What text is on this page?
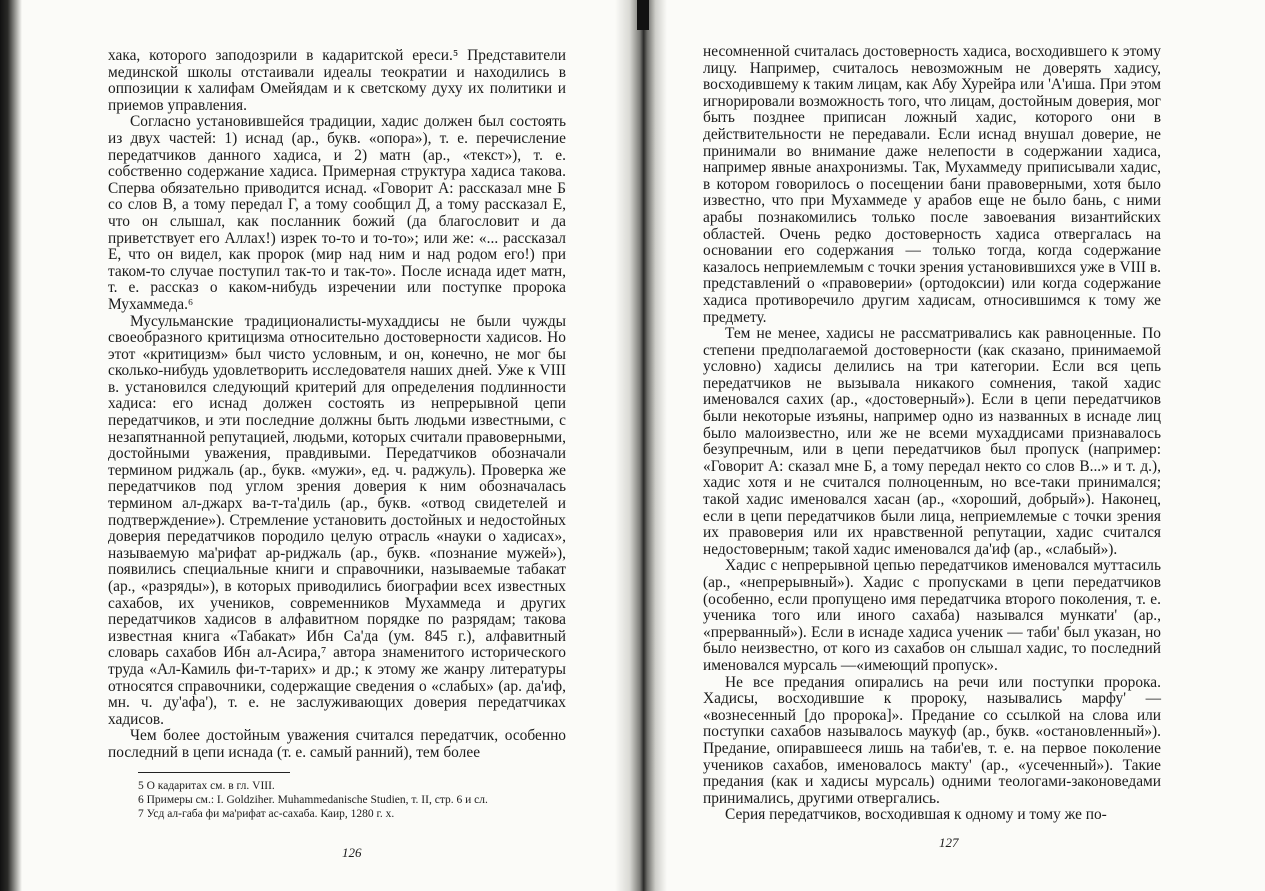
хака, которого заподозрили в кадаритской ереси.⁵ Представители мединской школы отстаивали идеалы теократии и находились в оппозиции к халифам Омейядам и к светскому духу их политики и приемов управления.

Согласно установившейся традиции, хадис должен был состоять из двух частей: 1) иснад (ар., букв. «опора»), т. е. перечисление передатчиков данного хадиса, и 2) матн (ар., «текст»), т. е. собственно содержание хадиса. Примерная структура хадиса такова. Сперва обязательно приводится иснад. «Говорит А: рассказал мне Б со слов В, а тому передал Г, а тому сообщил Д, а тому рассказал Е, что он слышал, как посланник божий (да благословит и да приветствует его Аллах!) изрек то-то и то-то»; или же: «... рассказал Е, что он видел, как пророк (мир над ним и над родом его!) при таком-то случае поступил так-то и так-то». После иснада идет матн, т. е. рассказ о каком-нибудь изречении или поступке пророка Мухаммеда.⁶

Мусульманские традиционалисты-мухаддисы не были чужды своеобразного критицизма относительно достоверности хадисов. Но этот «критицизм» был чисто условным, и он, конечно, не мог бы сколько-нибудь удовлетворить исследователя наших дней. Уже к VIII в. установился следующий критерий для определения подлинности хадиса: его иснад должен состоять из непрерывной цепи передатчиков, и эти последние должны быть людьми известными, с незапятнанной репутацией, людьми, которых считали правоверными, достойными уважения, правдивыми. Передатчиков обозначали термином риджаль (ар., букв. «мужи», ед. ч. раджуль). Проверка же передатчиков под углом зрения доверия к ним обозначалась термином ал-джарх ва-т-та'диль (ар., букв. «отвод свидетелей и подтверждение»). Стремление установить достойных и недостойных доверия передатчиков породило целую отрасль «науки о хадисах», называемую ма'рифат ар-риджаль (ар., букв. «познание мужей»), появились специальные книги и справочники, называемые табакат (ар., «разряды»), в которых приводились биографии всех известных сахабов, их учеников, современников Мухаммеда и других передатчиков хадисов в алфавитном порядке по разрядам; такова известная книга «Табакат» Ибн Са'да (ум. 845 г.), алфавитный словарь сахабов Ибн ал-Асира,⁷ автора знаменитого исторического труда «Ал-Камиль фи-т-тарих» и др.; к этому же жанру литературы относятся справочники, содержащие сведения о «слабых» (ар. да'иф, мн. ч. ду'афа'), т. е. не заслуживающих доверия передатчиках хадисов.

Чем более достойным уважения считался передатчик, особенно последний в цепи иснада (т. е. самый ранний), тем более

5 О кадаритах см. в гл. VIII.

6 Примеры см.: I. Goldziher. Muhammedanische Studien, т. II, стр. 6 и сл.

7 Усд ал-габа фи ма'рифат ас-сахаба. Каир, 1280 г. х.

126

несомненной считалась достоверность хадиса, восходившего к этому лицу. Например, считалось невозможным не доверять хадису, восходившему к таким лицам, как Абу Хурейра или 'А'иша. При этом игнорировали возможность того, что лицам, достойным доверия, мог быть позднее приписан ложный хадис, которого они в действительности не передавали. Если иснад внушал доверие, не принимали во внимание даже нелепости в содержании хадиса, например явные анахронизмы. Так, Мухаммеду приписывали хадис, в котором говорилось о посещении бани правоверными, хотя было известно, что при Мухаммеде у арабов еще не было бань, с ними арабы познакомились только после завоевания византийских областей. Очень редко достоверность хадиса отвергалась на основании его содержания — только тогда, когда содержание казалось неприемлемым с точки зрения установившихся уже в VIII в. представлений о «правоверии» (ортодоксии) или когда содержание хадиса противоречило другим хадисам, относившимся к тому же предмету.

Тем не менее, хадисы не рассматривались как равноценные. По степени предполагаемой достоверности (как сказано, принимаемой условно) хадисы делились на три категории. Если вся цепь передатчиков не вызывала никакого сомнения, такой хадис именовался сахих (ар., «достоверный»). Если в цепи передатчиков были некоторые изъяны, например одно из названных в иснаде лиц было малоизвестно, или же не всеми мухаддисами признавалось безупречным, или в цепи передатчиков был пропуск (например: «Говорит А: сказал мне Б, а тому передал некто со слов В...» и т. д.), хадис хотя и не считался полноценным, но все-таки принимался; такой хадис именовался хасан (ар., «хороший, добрый»). Наконец, если в цепи передатчиков были лица, неприемлемые с точки зрения их правоверия или их нравственной репутации, хадис считался недостоверным; такой хадис именовался да'иф (ар., «слабый»).

Хадис с непрерывной цепью передатчиков именовался муттасиль (ар., «непрерывный»). Хадис с пропусками в цепи передатчиков (особенно, если пропущено имя передатчика второго поколения, т. е. ученика того или иного сахаба) назывался мункати' (ар., «прерванный»). Если в иснаде хадиса ученик — таби' был указан, но было неизвестно, от кого из сахабов он слышал хадис, то последний именовался мурсаль —«имеющий пропуск».

Не все предания опирались на речи или поступки пророка. Хадисы, восходившие к пророку, назывались марфу' — «вознесенный [до пророка]». Предание со ссылкой на слова или поступки сахабов называлось маукуф (ар., букв. «остановленный»). Предание, опиравшееся лишь на таби'ев, т. е. на первое поколение учеников сахабов, именовалось макту' (ар., «усеченный»). Такие предания (как и хадисы мурсаль) одними теологами-законоведами принимались, другими отвергались.

Серия передатчиков, восходившая к одному и тому же по-

127
